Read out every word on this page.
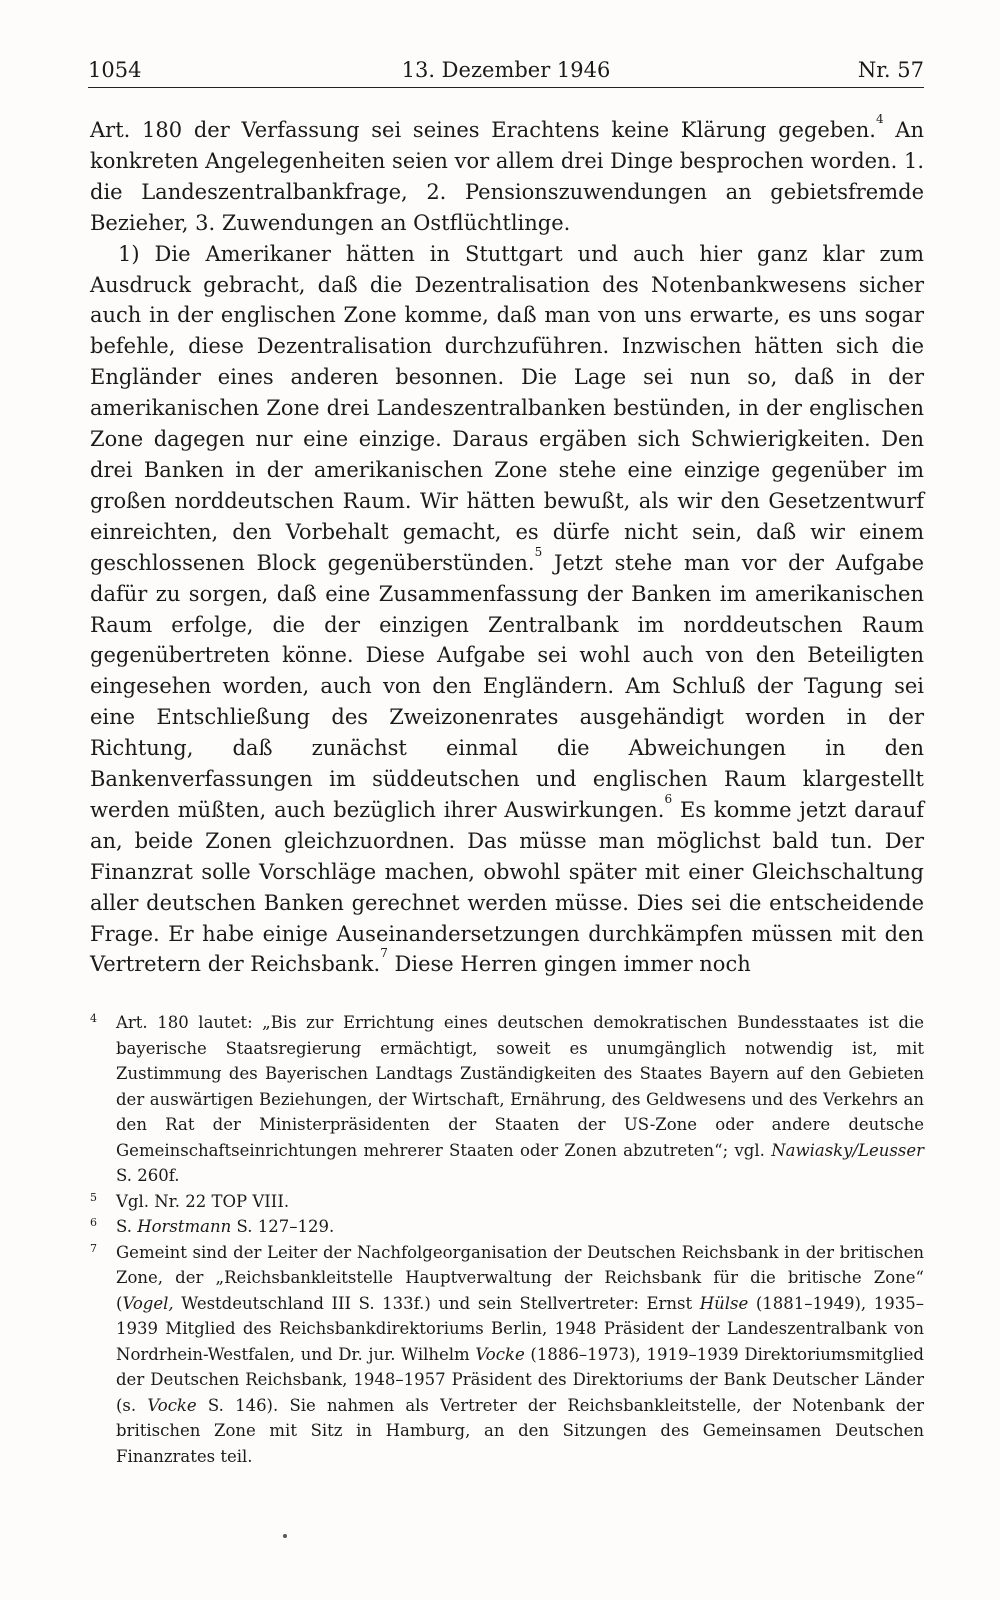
1054	13. Dezember 1946	Nr. 57

Art. 180 der Verfassung sei seines Erachtens keine Klärung gegeben.$^4$ An konkreten Angelegenheiten seien vor allem drei Dinge besprochen worden. 1. die Landeszentralbankfrage, 2. Pensionszuwendungen an gebietsfremde Bezieher, 3. Zuwendungen an Ostflüchtlinge.

1) Die Amerikaner hätten in Stuttgart und auch hier ganz klar zum Ausdruck gebracht, daß die Dezentralisation des Notenbankwesens sicher auch in der englischen Zone komme, daß man von uns erwarte, es uns sogar befehle, diese Dezentralisation durchzuführen. Inzwischen hätten sich die Engländer eines anderen besonnen. Die Lage sei nun so, daß in der amerikanischen Zone drei Landeszentralbanken bestünden, in der englischen Zone dagegen nur eine einzige. Daraus ergäben sich Schwierigkeiten. Den drei Banken in der amerikanischen Zone stehe eine einzige gegenüber im großen norddeutschen Raum. Wir hätten bewußt, als wir den Gesetzentwurf einreichten, den Vorbehalt gemacht, es dürfe nicht sein, daß wir einem geschlossenen Block gegenüberstünden.$^5$ Jetzt stehe man vor der Aufgabe dafür zu sorgen, daß eine Zusammenfassung der Banken im amerikanischen Raum erfolge, die der einzigen Zentralbank im norddeutschen Raum gegenübertreten könne. Diese Aufgabe sei wohl auch von den Beteiligten eingesehen worden, auch von den Engländern. Am Schluß der Tagung sei eine Entschließung des Zweizonenrates ausgehändigt worden in der Richtung, daß zunächst einmal die Abweichungen in den Bankenverfassungen im süddeutschen und englischen Raum klargestellt werden müßten, auch bezüglich ihrer Auswirkungen.$^6$ Es komme jetzt darauf an, beide Zonen gleichzuordnen. Das müsse man möglichst bald tun. Der Finanzrat solle Vorschläge machen, obwohl später mit einer Gleichschaltung aller deutschen Banken gerechnet werden müsse. Dies sei die entscheidende Frage. Er habe einige Auseinandersetzungen durchkämpfen müssen mit den Vertretern der Reichsbank.$^7$ Diese Herren gingen immer noch

4 Art. 180 lautet: „Bis zur Errichtung eines deutschen demokratischen Bundesstaates ist die bayerische Staatsregierung ermächtigt, soweit es unumgänglich notwendig ist, mit Zustimmung des Bayerischen Landtags Zuständigkeiten des Staates Bayern auf den Gebieten der auswärtigen Beziehungen, der Wirtschaft, Ernährung, des Geldwesens und des Verkehrs an den Rat der Ministerpräsidenten der Staaten der US-Zone oder andere deutsche Gemeinschaftseinrichtungen mehrerer Staaten oder Zonen abzutreten“; vgl. Nawiasky/Leusser S. 260f.

5 Vgl. Nr. 22 TOP VIII.

6 S. Horstmann S. 127–129.

7 Gemeint sind der Leiter der Nachfolgeorganisation der Deutschen Reichsbank in der britischen Zone, der „Reichsbankleitstelle Hauptverwaltung der Reichsbank für die britische Zone“ (Vogel, Westdeutschland III S. 133f.) und sein Stellvertreter: Ernst Hülse (1881–1949), 1935–1939 Mitglied des Reichsbankdirektoriums Berlin, 1948 Präsident der Landeszentralbank von Nordrhein-Westfalen, und Dr. jur. Wilhelm Vocke (1886–1973), 1919–1939 Direktoriumsmitglied der Deutschen Reichsbank, 1948–1957 Präsident des Direktoriums der Bank Deutscher Länder (s. Vocke S. 146). Sie nahmen als Vertreter der Reichsbankleitstelle, der Notenbank der britischen Zone mit Sitz in Hamburg, an den Sitzungen des Gemeinsamen Deutschen Finanzrates teil.
